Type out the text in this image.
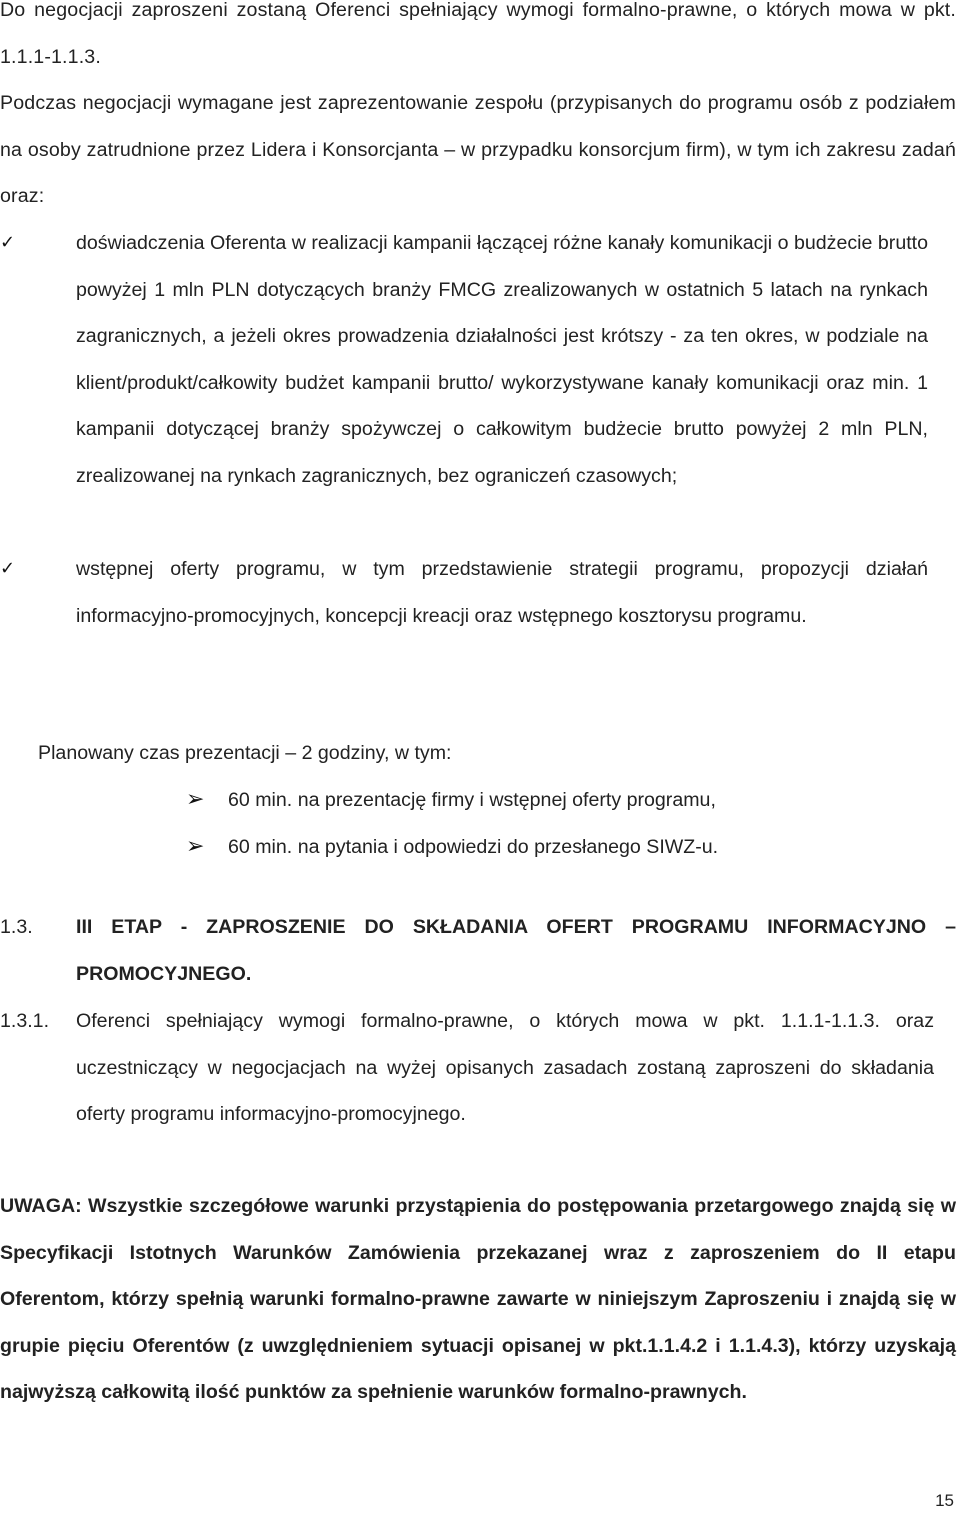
Do negocjacji zaproszeni zostaną Oferenci spełniający wymogi formalno-prawne, o których mowa w pkt. 1.1.1-1.1.3.

Podczas negocjacji wymagane jest zaprezentowanie zespołu (przypisanych do programu osób z podziałem na osoby zatrudnione przez Lidera i Konsorcjanta – w przypadku konsorcjum firm), w tym ich zakresu zadań oraz:

✓	doświadczenia Oferenta w realizacji kampanii łączącej różne kanały komunikacji o budżecie brutto powyżej 1 mln PLN dotyczących branży FMCG zrealizowanych w ostatnich 5 latach na rynkach zagranicznych, a jeżeli okres prowadzenia działalności jest krótszy - za ten okres, w podziale na klient/produkt/całkowity budżet kampanii brutto/ wykorzystywane kanały komunikacji oraz min. 1 kampanii dotyczącej branży spożywczej o całkowitym budżecie brutto powyżej 2 mln PLN, zrealizowanej na rynkach zagranicznych, bez ograniczeń czasowych;

✓	wstępnej oferty programu, w tym przedstawienie strategii programu, propozycji działań informacyjno-promocyjnych, koncepcji kreacji oraz wstępnego kosztorysu programu.

Planowany czas prezentacji – 2 godziny, w tym:

➢ 60 min. na prezentację firmy i wstępnej oferty programu,

➢ 60 min. na pytania i odpowiedzi do przesłanego SIWZ-u.

1.3. III ETAP - ZAPROSZENIE DO SKŁADANIA OFERT PROGRAMU INFORMACYJNO – PROMOCYJNEGO.

1.3.1. Oferenci spełniający wymogi formalno-prawne, o których mowa w pkt. 1.1.1-1.1.3. oraz uczestniczący w negocjacjach na wyżej opisanych zasadach zostaną zaproszeni do składania oferty programu informacyjno-promocyjnego.

UWAGA: Wszystkie szczegółowe warunki przystąpienia do postępowania przetargowego znajdą się w Specyfikacji Istotnych Warunków Zamówienia przekazanej wraz z zaproszeniem do II etapu Oferentom, którzy spełnią warunki formalno-prawne zawarte w niniejszym Zaproszeniu i znajdą się w grupie pięciu Oferentów (z uwzględnieniem sytuacji opisanej w pkt.1.1.4.2 i 1.1.4.3), którzy uzyskają najwyższą całkowitą ilość punktów za spełnienie warunków formalno-prawnych.

15
